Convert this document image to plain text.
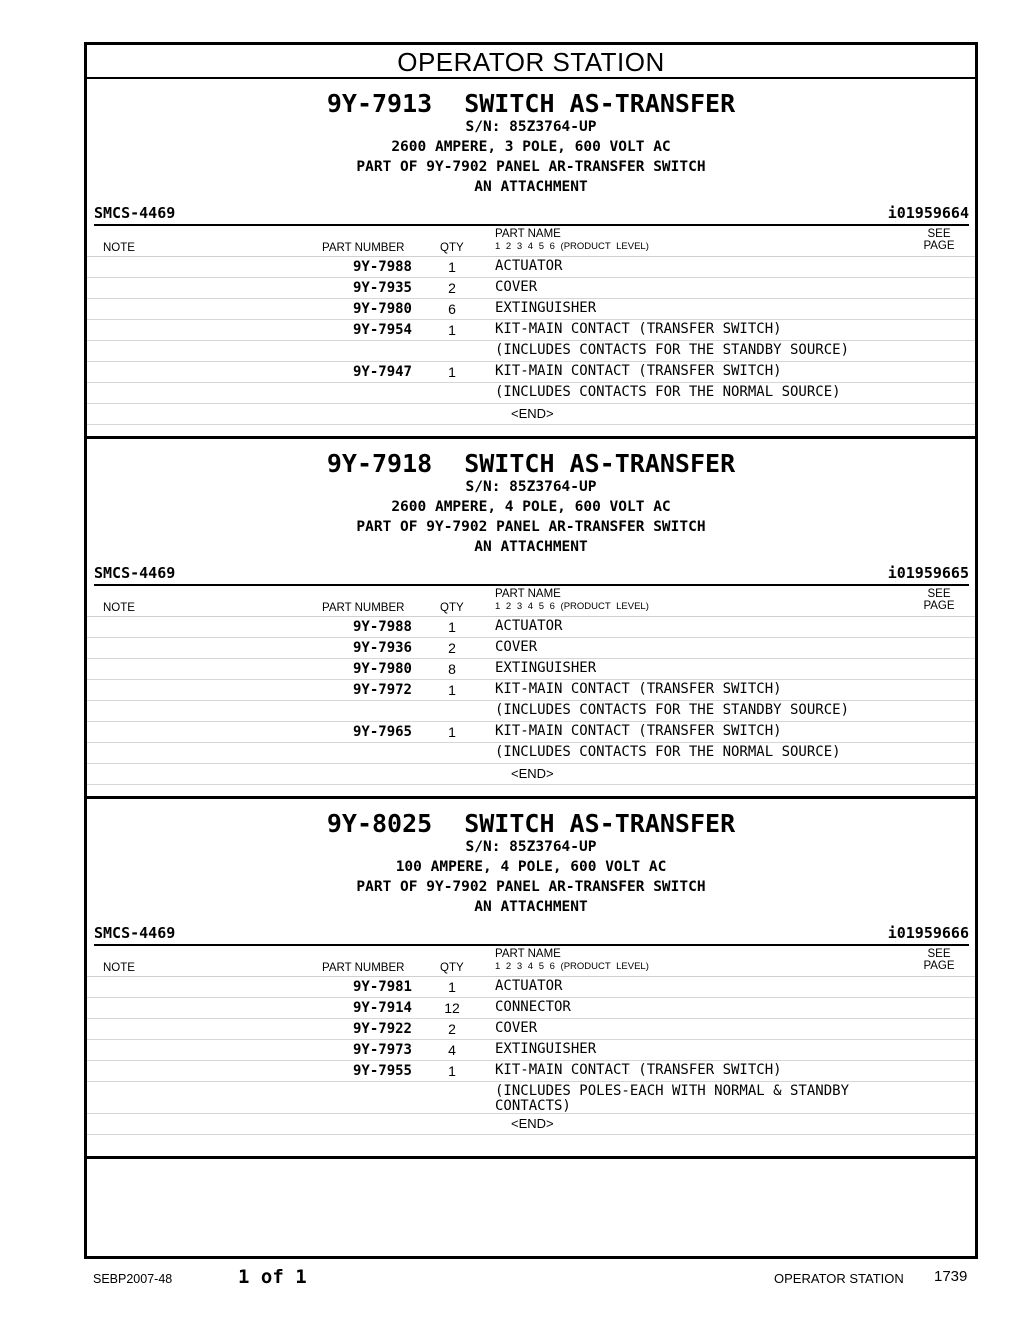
OPERATOR STATION
9Y-7913 SWITCH AS-TRANSFER
S/N: 85Z3764-UP
2600 AMPERE, 3 POLE, 600 VOLT AC
PART OF 9Y-7902 PANEL AR-TRANSFER SWITCH
AN ATTACHMENT
SMCS-4469	i01959664
NOTE	PART NUMBER	QTY
PART NAME
1 2 3 4 5 6 (PRODUCT LEVEL)
SEE
PAGE
9Y-7988	1	ACTUATOR
9Y-7935	2	COVER
9Y-7980	6	EXTINGUISHER
9Y-7954	1	KIT-MAIN CONTACT (TRANSFER SWITCH)
(INCLUDES CONTACTS FOR THE STANDBY SOURCE)
9Y-7947	1	KIT-MAIN CONTACT (TRANSFER SWITCH)
(INCLUDES CONTACTS FOR THE NORMAL SOURCE)
<END>
9Y-7918 SWITCH AS-TRANSFER
S/N: 85Z3764-UP
2600 AMPERE, 4 POLE, 600 VOLT AC
PART OF 9Y-7902 PANEL AR-TRANSFER SWITCH
AN ATTACHMENT
SMCS-4469	i01959665
NOTE	PART NUMBER	QTY
PART NAME
1 2 3 4 5 6 (PRODUCT LEVEL)
SEE
PAGE
9Y-7988	1	ACTUATOR
9Y-7936	2	COVER
9Y-7980	8	EXTINGUISHER
9Y-7972	1	KIT-MAIN CONTACT (TRANSFER SWITCH)
(INCLUDES CONTACTS FOR THE STANDBY SOURCE)
9Y-7965	1	KIT-MAIN CONTACT (TRANSFER SWITCH)
(INCLUDES CONTACTS FOR THE NORMAL SOURCE)
<END>
9Y-8025 SWITCH AS-TRANSFER
S/N: 85Z3764-UP
100 AMPERE, 4 POLE, 600 VOLT AC
PART OF 9Y-7902 PANEL AR-TRANSFER SWITCH
AN ATTACHMENT
SMCS-4469	i01959666
NOTE	PART NUMBER	QTY
PART NAME
1 2 3 4 5 6 (PRODUCT LEVEL)
SEE
PAGE
9Y-7981	1	ACTUATOR
9Y-7914	12	CONNECTOR
9Y-7922	2	COVER
9Y-7973	4	EXTINGUISHER
9Y-7955	1	KIT-MAIN CONTACT (TRANSFER SWITCH)
(INCLUDES POLES-EACH WITH NORMAL & STANDBY
CONTACTS)
<END>
SEBP2007-48	1 of 1	OPERATOR STATION 1739
